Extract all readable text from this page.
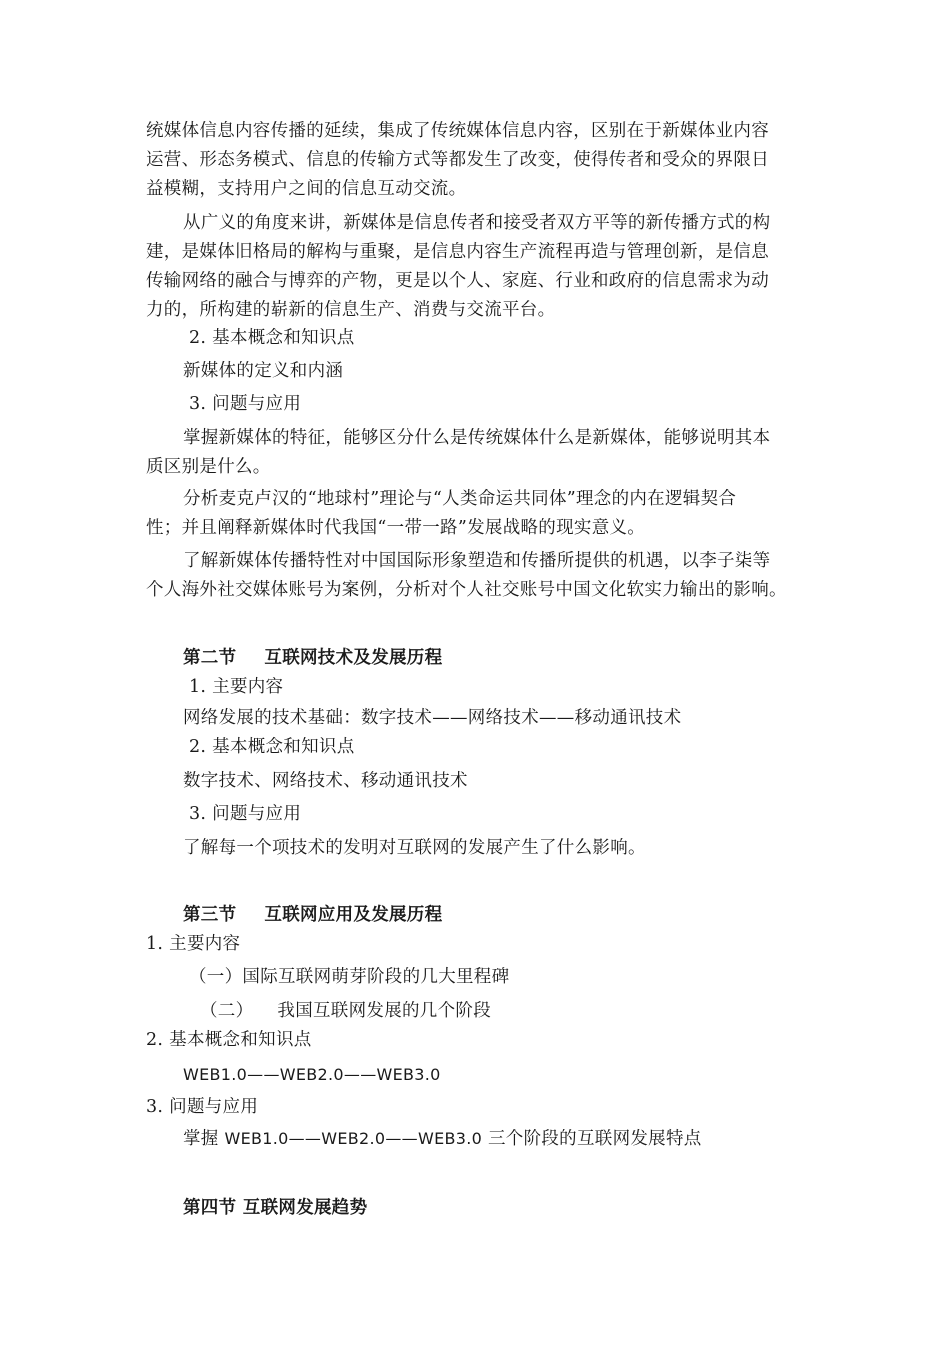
统媒体信息内容传播的延续，集成了传统媒体信息内容，区别在于新媒体业内容

运营、形态务模式、信息的传输方式等都发生了改变，使得传者和受众的界限日

益模糊，支持用户之间的信息互动交流。

从广义的角度来讲，新媒体是信息传者和接受者双方平等的新传播方式的构

建，是媒体旧格局的解构与重聚，是信息内容生产流程再造与管理创新，是信息

传输网络的融合与博弈的产物，更是以个人、家庭、行业和政府的信息需求为动

力的，所构建的崭新的信息生产、消费与交流平台。

2. 基本概念和知识点

新媒体的定义和内涵

3. 问题与应用

掌握新媒体的特征，能够区分什么是传统媒体什么是新媒体，能够说明其本

质区别是什么。

分析麦克卢汉的“地球村”理论与“人类命运共同体”理念的内在逻辑契合

性；并且阐释新媒体时代我国“一带一路”发展战略的现实意义。

了解新媒体传播特性对中国国际形象塑造和传播所提供的机遇，以李子柒等

个人海外社交媒体账号为案例，分析对个人社交账号中国文化软实力输出的影响。

第二节 互联网技术及发展历程

1. 主要内容

网络发展的技术基础：数字技术——网络技术——移动通讯技术

2. 基本概念和知识点

数字技术、网络技术、移动通讯技术

3. 问题与应用

了解每一个项技术的发明对互联网的发展产生了什么影响。

第三节 互联网应用及发展历程

1. 主要内容

（一）国际互联网萌芽阶段的几大里程碑

（二） 我国互联网发展的几个阶段

2. 基本概念和知识点

WEB1.0——WEB2.0——WEB3.0

3. 问题与应用

掌握 WEB1.0——WEB2.0——WEB3.0 三个阶段的互联网发展特点

第四节 互联网发展趋势
